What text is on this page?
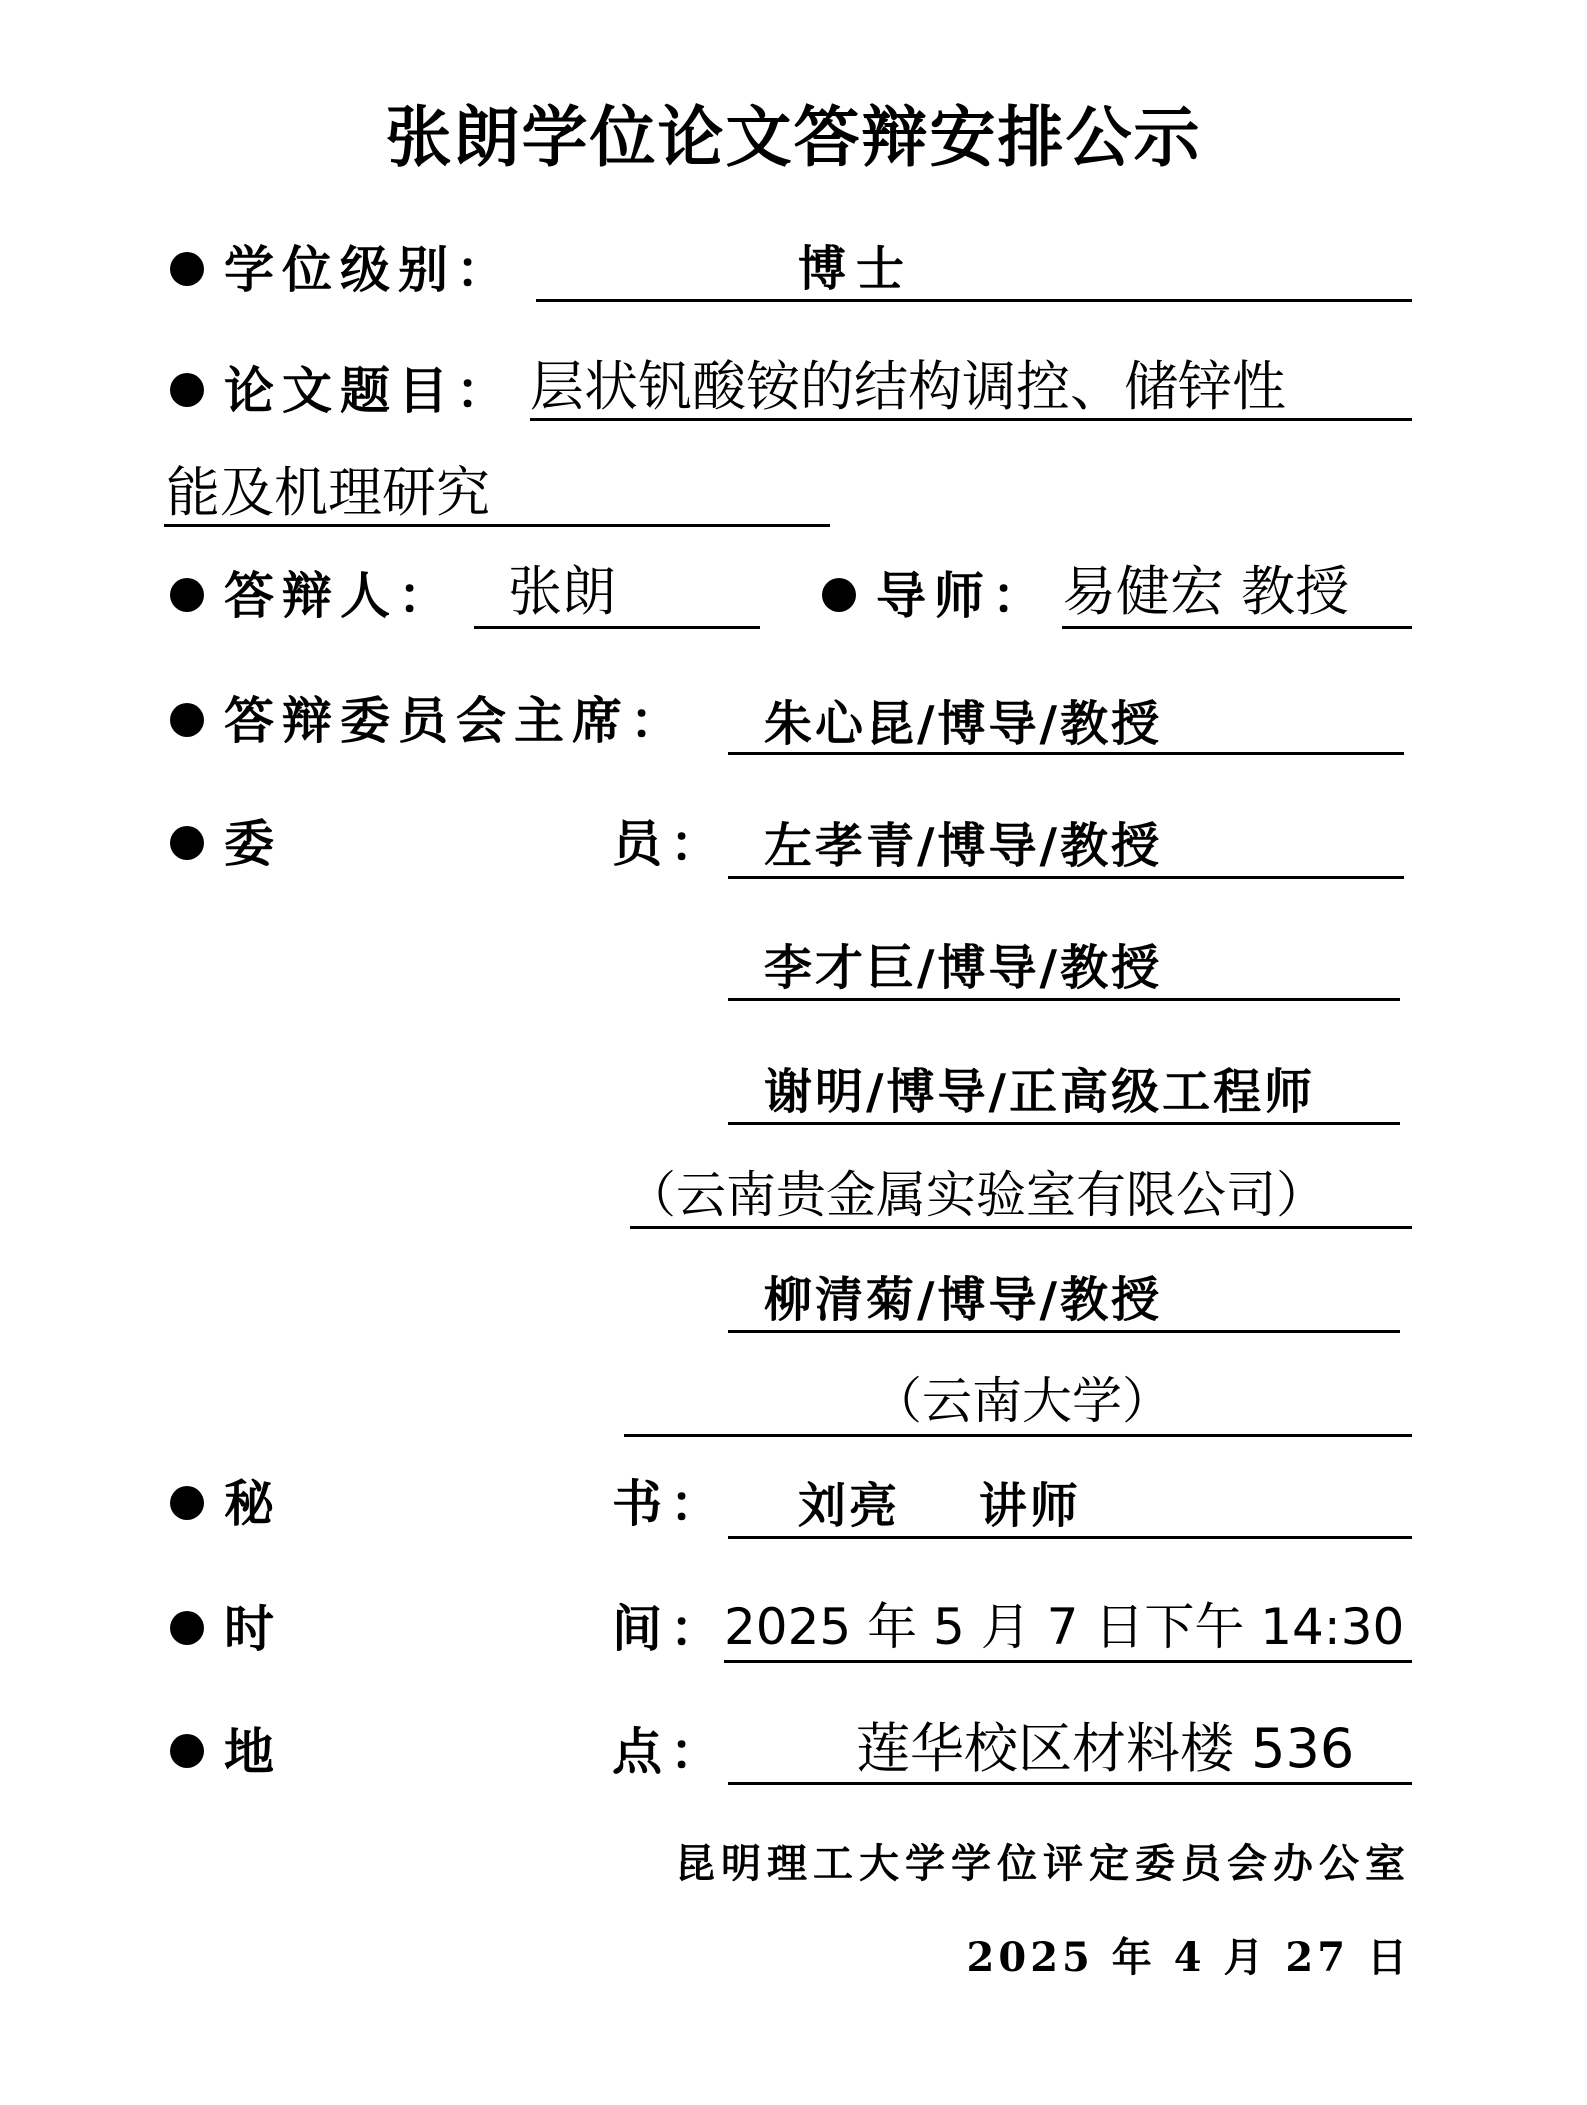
张朗学位论文答辩安排公示
学位级别：	博士
论文题目： 层状钒酸铵的结构调控、储锌性
能及机理研究
答辩人： 张朗	导师： 易健宏 教授
答辩委员会主席： 朱心昆/博导/教授
委	员： 左孝青/博导/教授
李才巨/博导/教授
谢明/博导/正高级工程师
（云南贵金属实验室有限公司）
柳清菊/博导/教授
（云南大学）
秘	书： 刘亮    讲师
时	间：
2025 年 5 月 7 日下午 14:30
地	点： 莲华校区材料楼 536
昆明理工大学学位评定委员会办公室
2025 年 4 月 27 日
